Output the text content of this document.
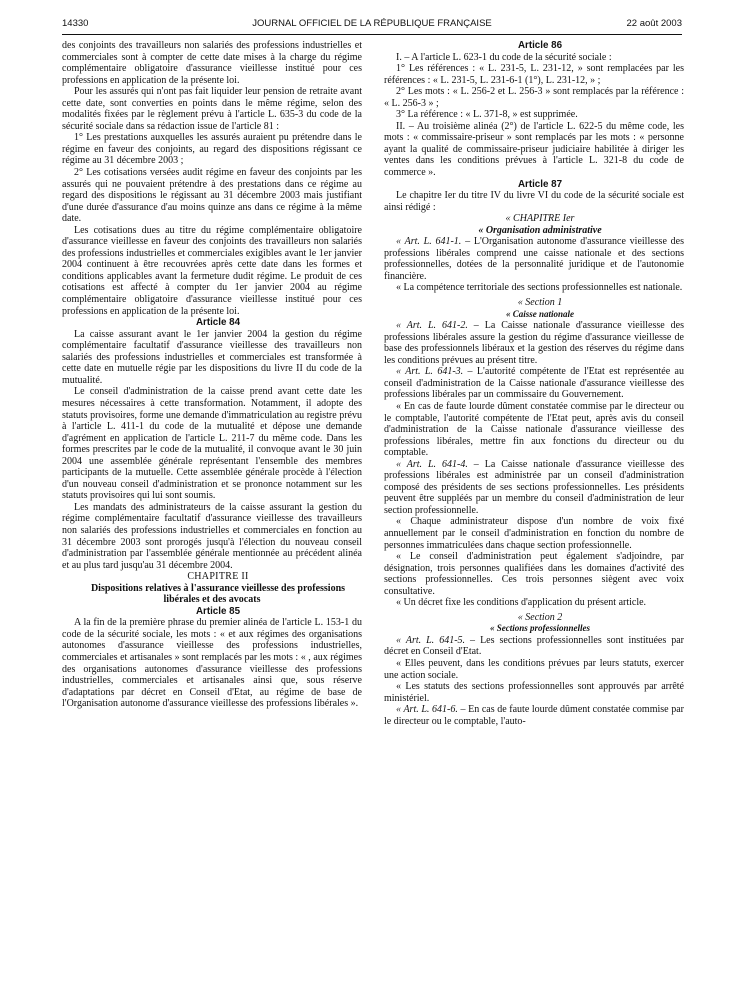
14330	JOURNAL OFFICIEL DE LA RÉPUBLIQUE FRANÇAISE	22 août 2003

des conjoints des travailleurs non salariés des professions industrielles et commerciales sont à compter de cette date mises à la charge du régime complémentaire obligatoire d'assurance vieillesse institué pour ces professions en application de la présente loi.

Pour les assurés qui n'ont pas fait liquider leur pension de retraite avant cette date, sont converties en points dans le même régime, selon des modalités fixées par le règlement prévu à l'article L. 635-3 du code de la sécurité sociale dans sa rédaction issue de l'article 81 :

1° Les prestations auxquelles les assurés auraient pu prétendre dans le régime en faveur des conjoints, au regard des dispositions régissant ce régime au 31 décembre 2003 ;

2° Les cotisations versées audit régime en faveur des conjoints par les assurés qui ne pouvaient prétendre à des prestations dans ce régime au regard des dispositions le régissant au 31 décembre 2003 mais justifiant d'une durée d'assurance d'au moins quinze ans dans ce régime à la même date.

Les cotisations dues au titre du régime complémentaire obligatoire d'assurance vieillesse en faveur des conjoints des travailleurs non salariés des professions industrielles et commerciales exigibles avant le 1er janvier 2004 continuent à être recouvrées après cette date dans les formes et conditions applicables avant la fermeture dudit régime. Le produit de ces cotisations est affecté à compter du 1er janvier 2004 au régime complémentaire obligatoire d'assurance vieillesse institué pour ces professions en application de la présente loi.

Article 84

La caisse assurant avant le 1er janvier 2004 la gestion du régime complémentaire facultatif d'assurance vieillesse des travailleurs non salariés des professions industrielles et commerciales est transformée à cette date en mutuelle régie par les dispositions du livre II du code de la mutualité.

Le conseil d'administration de la caisse prend avant cette date les mesures nécessaires à cette transformation. Notamment, il adopte des statuts provisoires, forme une demande d'immatriculation au registre prévu à l'article L. 411-1 du code de la mutualité et dépose une demande d'agrément en application de l'article L. 211-7 du même code. Dans les formes prescrites par le code de la mutualité, il convoque avant le 30 juin 2004 une assemblée générale représentant l'ensemble des membres participants de la mutuelle. Cette assemblée générale procède à l'élection d'un nouveau conseil d'administration et se prononce notamment sur les statuts provisoires qui lui sont soumis.

Les mandats des administrateurs de la caisse assurant la gestion du régime complémentaire facultatif d'assurance vieillesse des travailleurs non salariés des professions industrielles et commerciales en fonction au 31 décembre 2003 sont prorogés jusqu'à l'élection du nouveau conseil d'administration par l'assemblée générale mentionnée au précédent alinéa et au plus tard jusqu'au 31 décembre 2004.

CHAPITRE II

Dispositions relatives à l'assurance vieillesse des professions libérales et des avocats

Article 85

A la fin de la première phrase du premier alinéa de l'article L. 153-1 du code de la sécurité sociale, les mots : « et aux régimes des organisations autonomes d'assurance vieillesse des professions industrielles, commerciales et artisanales » sont remplacés par les mots : « , aux régimes des organisations autonomes d'assurance vieillesse des professions industrielles, commerciales et artisanales ainsi que, sous réserve d'adaptations par décret en Conseil d'Etat, au régime de base de l'Organisation autonome d'assurance vieillesse des professions libérales ».

Article 86

I. – A l'article L. 623-1 du code de la sécurité sociale :

1° Les références : « L. 231-5, L. 231-12, » sont remplacées par les références : « L. 231-5, L. 231-6-1 (1°), L. 231-12, » ;

2° Les mots : « L. 256-2 et L. 256-3 » sont remplacés par la référence : « L. 256-3 » ;

3° La référence : « L. 371-8, » est supprimée.

II. – Au troisième alinéa (2°) de l'article L. 622-5 du même code, les mots : « commissaire-priseur » sont remplacés par les mots : « personne ayant la qualité de commissaire-priseur judiciaire habilitée à diriger les ventes dans les conditions prévues à l'article L. 321-8 du code de commerce ».

Article 87

Le chapitre Ier du titre IV du livre VI du code de la sécurité sociale est ainsi rédigé :

« CHAPITRE Ier

« Organisation administrative

« Art. L. 641-1. – L'Organisation autonome d'assurance vieillesse des professions libérales comprend une caisse nationale et des sections professionnelles, dotées de la personnalité juridique et de l'autonomie financière.

« La compétence territoriale des sections professionnelles est nationale.

« Section 1

« Caisse nationale

« Art. L. 641-2. – La Caisse nationale d'assurance vieillesse des professions libérales assure la gestion du régime d'assurance vieillesse de base des professionnels libéraux et la gestion des réserves du régime dans les conditions prévues au présent titre.

« Art. L. 641-3. – L'autorité compétente de l'Etat est représentée au conseil d'administration de la Caisse nationale d'assurance vieillesse des professions libérales par un commissaire du Gouvernement.

« En cas de faute lourde dûment constatée commise par le directeur ou le comptable, l'autorité compétente de l'Etat peut, après avis du conseil d'administration de la Caisse nationale d'assurance vieillesse des professions libérales, mettre fin aux fonctions du directeur ou du comptable.

« Art. L. 641-4. – La Caisse nationale d'assurance vieillesse des professions libérales est administrée par un conseil d'administration composé des présidents de ses sections professionnelles. Les présidents peuvent être suppléés par un membre du conseil d'administration de leur section professionnelle.

« Chaque administrateur dispose d'un nombre de voix fixé annuellement par le conseil d'administration en fonction du nombre de personnes immatriculées dans chaque section professionnelle.

« Le conseil d'administration peut également s'adjoindre, par désignation, trois personnes qualifiées dans les domaines d'activité des sections professionnelles. Ces trois personnes siègent avec voix consultative.

« Un décret fixe les conditions d'application du présent article.

« Section 2

« Sections professionnelles

« Art. L. 641-5. – Les sections professionnelles sont instituées par décret en Conseil d'Etat.

« Elles peuvent, dans les conditions prévues par leurs statuts, exercer une action sociale.

« Les statuts des sections professionnelles sont approuvés par arrêté ministériel.

« Art. L. 641-6. – En cas de faute lourde dûment constatée commise par le directeur ou le comptable, l'auto-
